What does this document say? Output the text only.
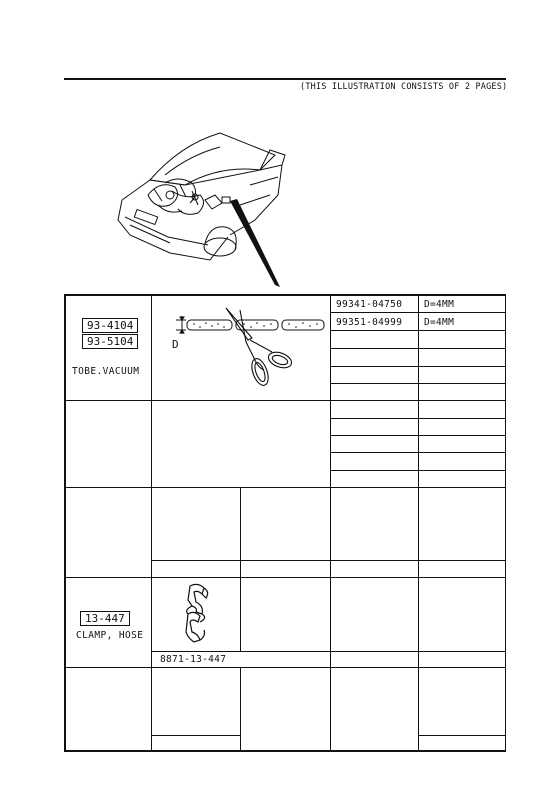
(THIS ILLUSTRATION CONSISTS OF 2 PAGES)
93-4104
93-5104
TOBE.VACUUM
D
99341-04750 D=4MM
99351-04999 D=4MM
13-447
CLAMP, HOSE
8871-13-447
